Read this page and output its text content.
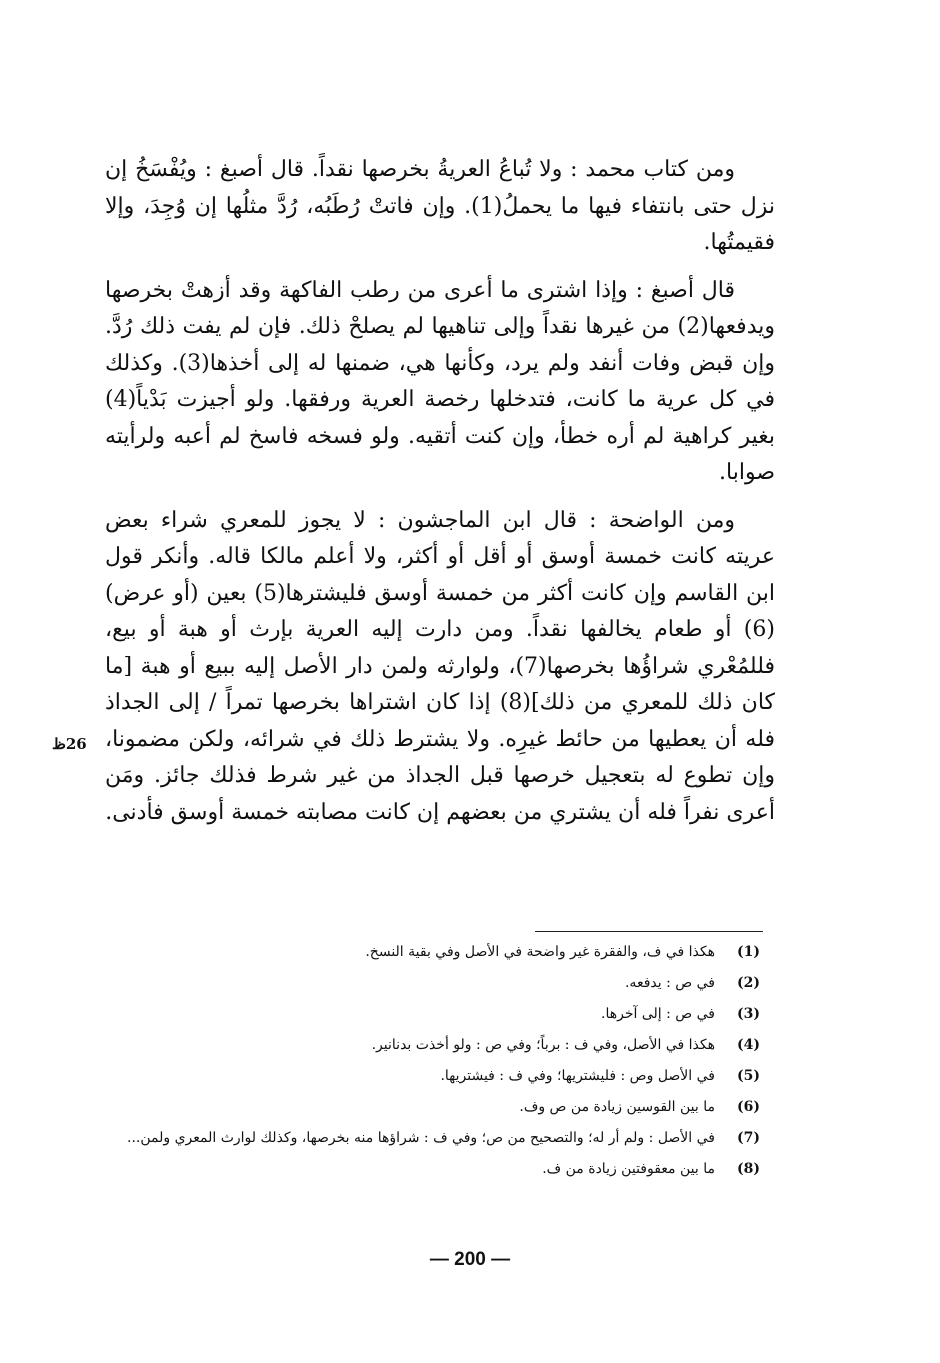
ومن كتاب محمد : ولا تُباعُ العريةُ بخرصها نقداً. قال أصبغ : ويُفْسَخُ إن نزل حتى بانتفاء فيها ما يحملُ(1). وإن فاتتْ رُطَبُه، رُدَّ مثلُها إن وُجِدَ، وإلا فقيمتُها.

قال أصبغ : وإذا اشترى ما أعرى من رطب الفاكهة وقد أزهتْ بخرصها ويدفعها(2) من غيرها نقداً وإلى تناهيها لم يصلحْ ذلك. فإن لم يفت ذلك رُدَّ. وإن قبض وفات أنفد ولم يرد، وكأنها هي، ضمنها له إلى أخذها(3). وكذلك في كل عرية ما كانت، فتدخلها رخصة العرية ورفقها. ولو أجيزت بَدْياً(4) بغير كراهية لم أره خطأ، وإن كنت أتقيه. ولو فسخه فاسخ لم أعبه ولرأيته صوابا.

ومن الواضحة : قال ابن الماجشون : لا يجوز للمعري شراء بعض عريته كانت خمسة أوسق أو أقل أو أكثر، ولا أعلم مالكا قاله. وأنكر قول ابن القاسم وإن كانت أكثر من خمسة أوسق فليشترها(5) بعين (أو عرض)(6) أو طعام يخالفها نقداً. ومن دارت إليه العرية بإرث أو هبة أو بيع، فللمُعْري شراؤُها بخرصها(7)، ولوارثه ولمن دار الأصل إليه ببيع أو هبة [ما كان ذلك للمعري من ذلك](8) إذا كان اشتراها بخرصها تمراً / إلى الجداذ فله أن يعطيها من حائط غيرِه. ولا يشترط ذلك في شرائه، ولكن مضمونا، وإن تطوع له بتعجيل خرصها قبل الجداذ من غير شرط فذلك جائز. ومَن أعرى نفراً فله أن يشتري من بعضهم إن كانت مصابته خمسة أوسق فأدنى.

26ظ
(1)
هكذا في ف، والفقرة غير واضحة في الأصل وفي بقية النسخ.
(2)
في ص : يدفعه.
(3)
في ص : إلى آخرها.
(4)
هكذا في الأصل، وفي ف : برباً؛ وفي ص : ولو أخذت بدنانير.
(5)
في الأصل وص : فليشتريها؛ وفي ف : فيشتريها.
(6)
ما بين القوسين زيادة من ص وف.
(7)
في الأصل : ولم أر له؛ والتصحيح من ص؛ وفي ف : شراؤها منه بخرصها، وكذلك لوارث المعري ولمن...
(8)
ما بين معقوفتين زيادة من ف.
— 200 —
